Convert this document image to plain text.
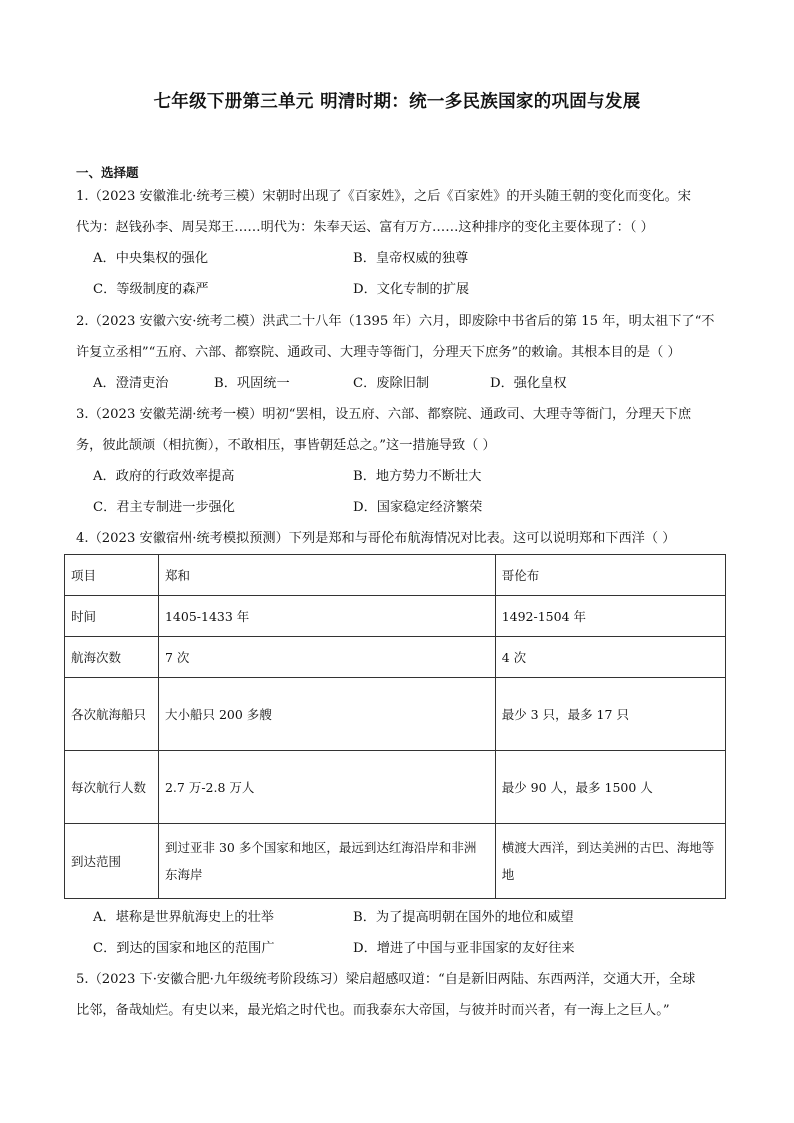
七年级下册第三单元 明清时期：统一多民族国家的巩固与发展
一、选择题

1.（2023 安徽淮北·统考三模）宋朝时出现了《百家姓》，之后《百家姓》的开头随王朝的变化而变化。宋

代为：赵钱孙李、周吴郑王……明代为：朱奉天运、富有万方……这种排序的变化主要体现了：（ ）

A．中央集权的强化	B．皇帝权威的独尊
C．等级制度的森严	D．文化专制的扩展

2.（2023 安徽六安·统考二模）洪武二十八年（1395 年）六月，即废除中书省后的第 15 年，明太祖下了“不

许复立丞相”“五府、六部、都察院、通政司、大理寺等衙门，分理天下庶务”的敕谕。其根本目的是（ ）

A．澄清吏治	B．巩固统一	C．废除旧制	D．强化皇权

3.（2023 安徽芜湖·统考一模）明初“罢相，设五府、六部、都察院、通政司、大理寺等衙门，分理天下庶

务，彼此颉颃（相抗衡），不敢相压，事皆朝廷总之。”这一措施导致（ ）

A．政府的行政效率提高	B．地方势力不断壮大
C．君主专制进一步强化	D．国家稳定经济繁荣

4.（2023 安徽宿州·统考模拟预测）下列是郑和与哥伦布航海情况对比表。这可以说明郑和下西洋（ ）

项目	郑和	哥伦布
时间	1405-1433 年	1492-1504 年
航海次数	7 次	4 次
各次航海船只	大小船只 200 多艘	最少 3 只，最多 17 只
每次航行人数	2.7 万-2.8 万人	最少 90 人，最多 1500 人
到达范围	到过亚非 30 多个国家和地区，最远到达红海沿岸和非洲东海岸	横渡大西洋，到达美洲的古巴、海地等地
A．堪称是世界航海史上的壮举	B．为了提高明朝在国外的地位和威望
C．到达的国家和地区的范围广	D．增进了中国与亚非国家的友好往来

5.（2023 下·安徽合肥·九年级统考阶段练习）梁启超感叹道：“自是新旧两陆、东西两洋，交通大开，全球

比邻，备哉灿烂。有史以来，最光焰之时代也。而我泰东大帝国，与彼并时而兴者，有一海上之巨人。”
